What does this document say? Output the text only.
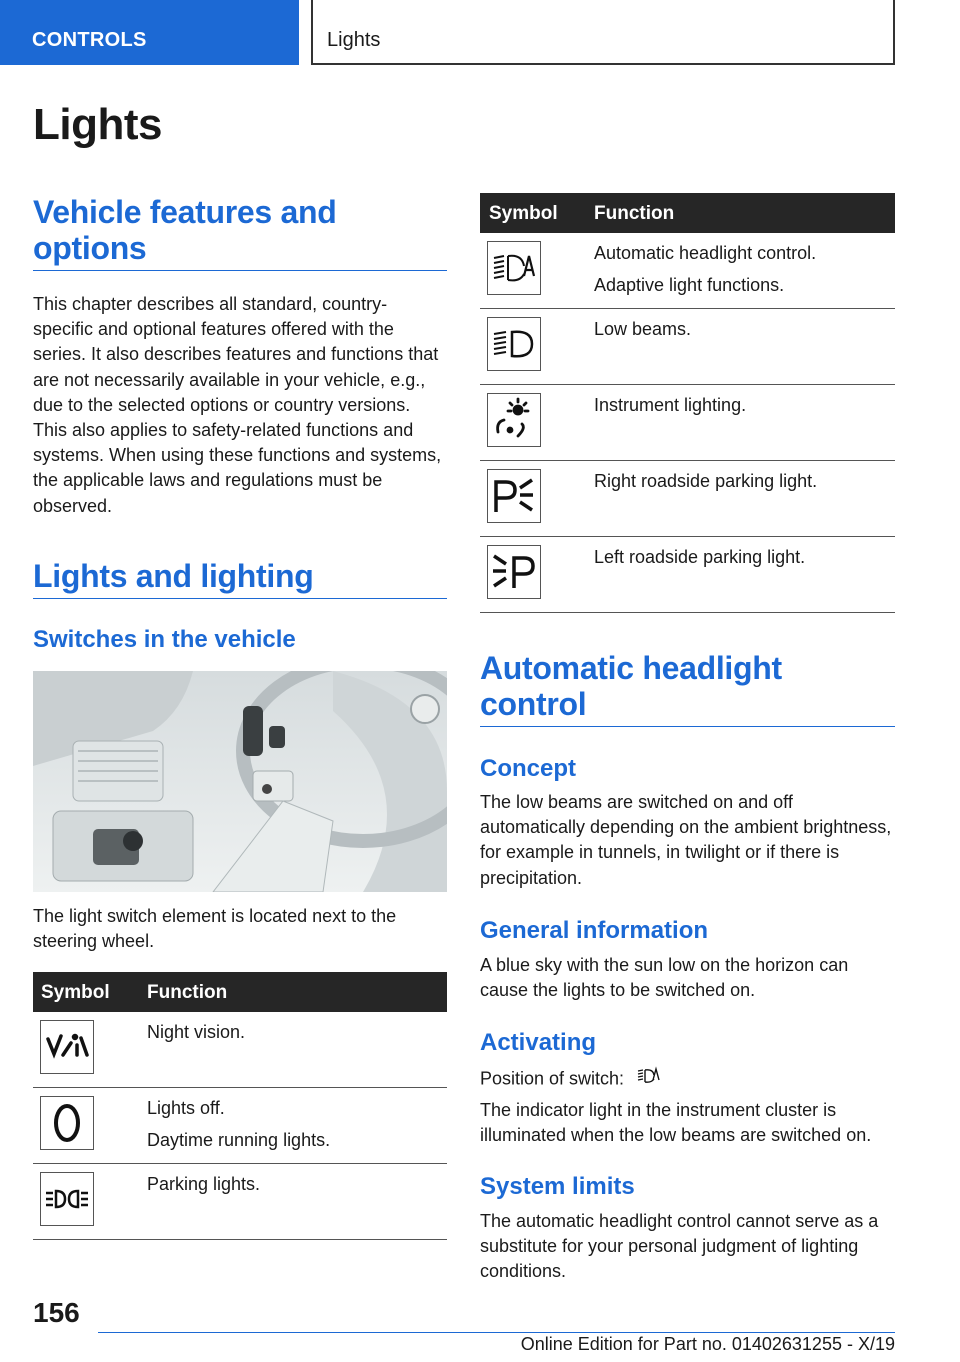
CONTROLS	Lights
Lights
Vehicle features and options
This chapter describes all standard, country-specific and optional features offered with the series. It also describes features and functions that are not necessarily available in your vehicle, e.g., due to the selected options or country versions. This also applies to safety-related functions and systems. When using these functions and systems, the applicable laws and regulations must be observed.
Lights and lighting
Switches in the vehicle
The light switch element is located next to the steering wheel.
Symbol Function
Night vision.
Lights off.
Daytime running lights.
Parking lights.
Symbol Function
Automatic headlight control.
Adaptive light functions.
Low beams.
Instrument lighting.
Right roadside parking light.
Left roadside parking light.
Automatic headlight control
Concept
The low beams are switched on and off automatically depending on the ambient brightness, for example in tunnels, in twilight or if there is precipitation.
General information
A blue sky with the sun low on the horizon can cause the lights to be switched on.
Activating
Position of switch:
The indicator light in the instrument cluster is illuminated when the low beams are switched on.
System limits
The automatic headlight control cannot serve as a substitute for your personal judgment of lighting conditions.
156
Online Edition for Part no. 01402631255 - X/19
